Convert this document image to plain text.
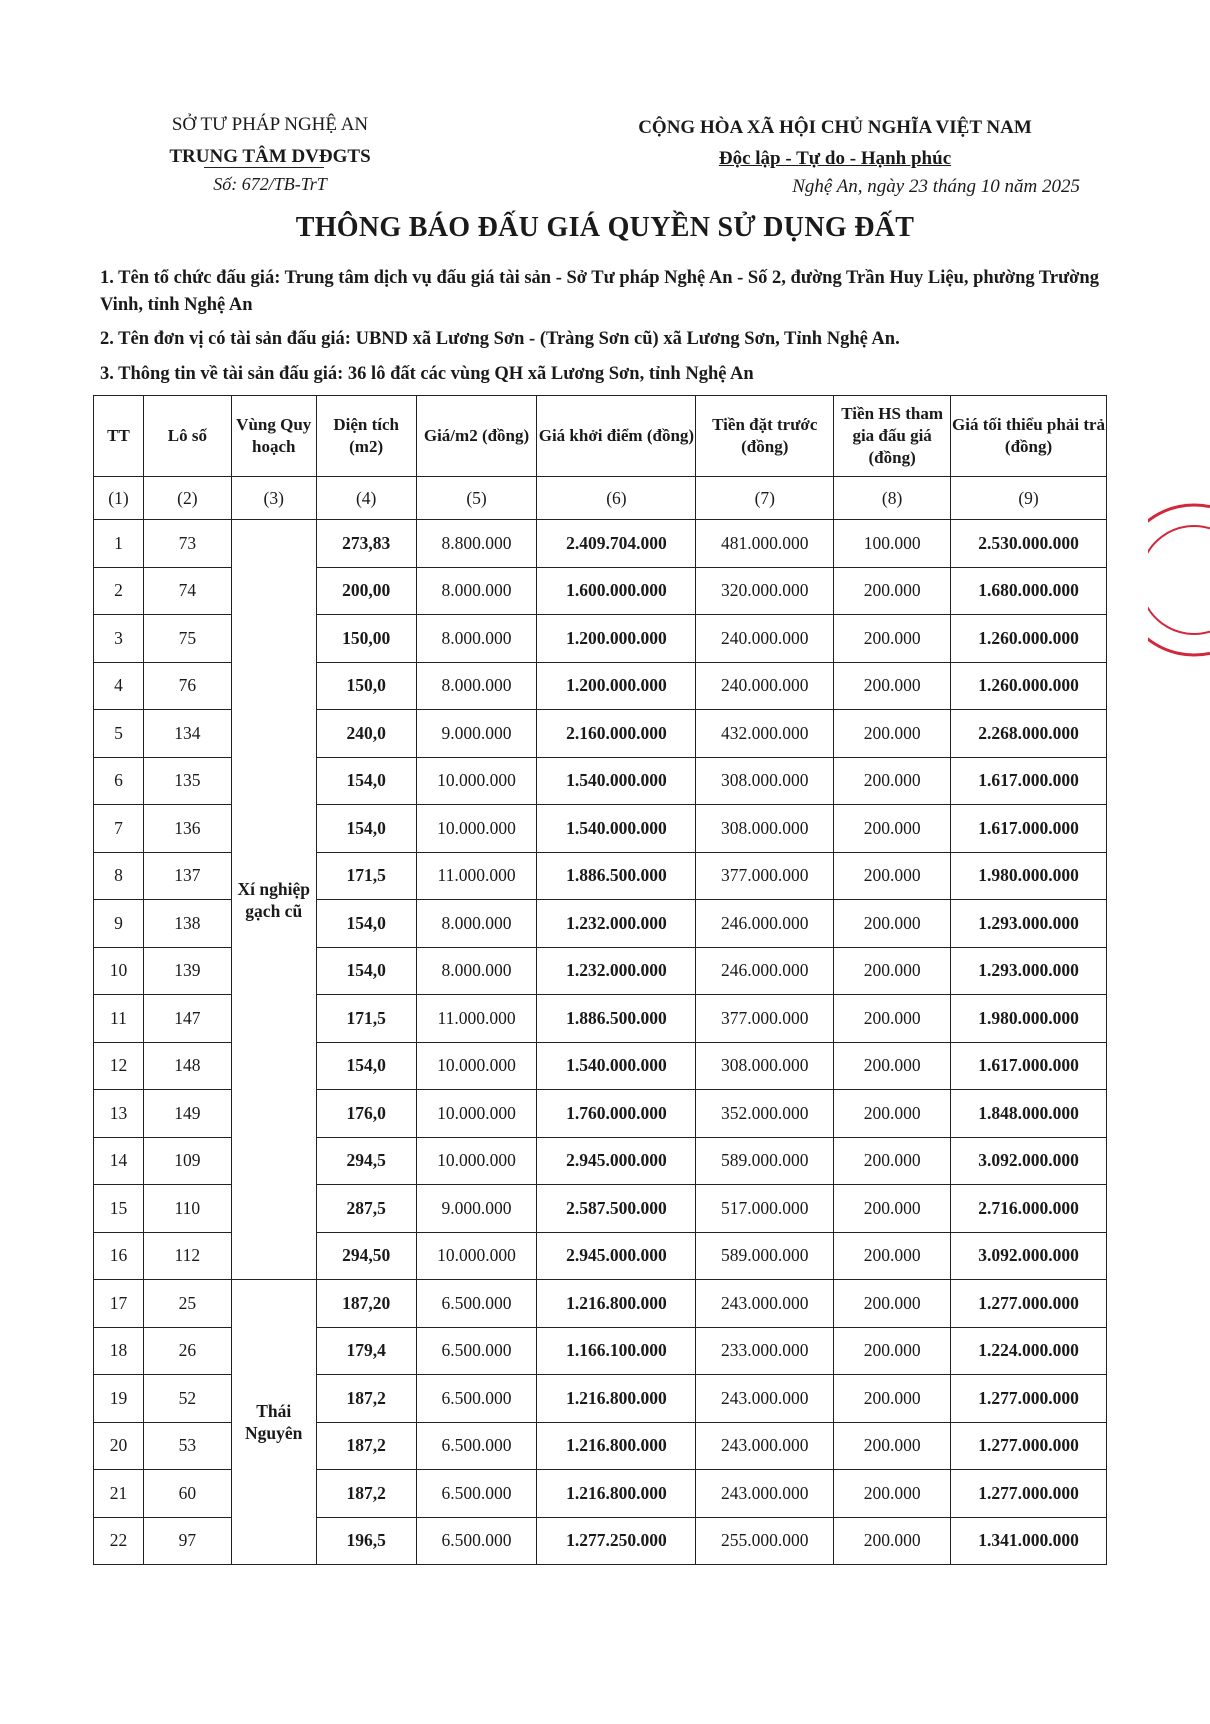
SỞ TƯ PHÁP NGHỆ AN
TRUNG TÂM DVĐGTS
Số: 672/TB-TrT
CỘNG HÒA XÃ HỘI CHỦ NGHĨA VIỆT NAM
Độc lập - Tự do - Hạnh phúc
Nghệ An, ngày 23 tháng 10 năm 2025
THÔNG BÁO ĐẤU GIÁ QUYỀN SỬ DỤNG ĐẤT
1. Tên tổ chức đấu giá: Trung tâm dịch vụ đấu giá tài sản - Sở Tư pháp Nghệ An - Số 2, đường Trần Huy Liệu, phường Trường Vinh, tỉnh Nghệ An
2. Tên đơn vị có tài sản đấu giá: UBND xã Lương Sơn - (Tràng Sơn cũ) xã Lương Sơn, Tỉnh Nghệ An.
3. Thông tin về tài sản đấu giá: 36 lô đất các vùng QH xã Lương Sơn, tỉnh Nghệ An
TT	Lô số	Vùng Quy hoạch	Diện tích (m2)	Giá/m2 (đồng)	Giá khởi điểm (đồng)	Tiền đặt trước (đồng)	Tiền HS tham gia đấu giá (đồng)	Giá tối thiểu phải trả (đồng)
(1)	(2)	(3)	(4)	(5)	(6)	(7)	(8)	(9)
1	73	Xí nghiệp gạch cũ	273,83	8.800.000	2.409.704.000	481.000.000	100.000	2.530.000.000
2	74		200,00	8.000.000	1.600.000.000	320.000.000	200.000	1.680.000.000
3	75		150,00	8.000.000	1.200.000.000	240.000.000	200.000	1.260.000.000
4	76		150,0	8.000.000	1.200.000.000	240.000.000	200.000	1.260.000.000
5	134		240,0	9.000.000	2.160.000.000	432.000.000	200.000	2.268.000.000
6	135		154,0	10.000.000	1.540.000.000	308.000.000	200.000	1.617.000.000
7	136		154,0	10.000.000	1.540.000.000	308.000.000	200.000	1.617.000.000
8	137		171,5	11.000.000	1.886.500.000	377.000.000	200.000	1.980.000.000
9	138		154,0	8.000.000	1.232.000.000	246.000.000	200.000	1.293.000.000
10	139		154,0	8.000.000	1.232.000.000	246.000.000	200.000	1.293.000.000
11	147		171,5	11.000.000	1.886.500.000	377.000.000	200.000	1.980.000.000
12	148		154,0	10.000.000	1.540.000.000	308.000.000	200.000	1.617.000.000
13	149		176,0	10.000.000	1.760.000.000	352.000.000	200.000	1.848.000.000
14	109		294,5	10.000.000	2.945.000.000	589.000.000	200.000	3.092.000.000
15	110		287,5	9.000.000	2.587.500.000	517.000.000	200.000	2.716.000.000
16	112		294,50	10.000.000	2.945.000.000	589.000.000	200.000	3.092.000.000
17	25	Thái Nguyên	187,20	6.500.000	1.216.800.000	243.000.000	200.000	1.277.000.000
18	26		179,4	6.500.000	1.166.100.000	233.000.000	200.000	1.224.000.000
19	52		187,2	6.500.000	1.216.800.000	243.000.000	200.000	1.277.000.000
20	53		187,2	6.500.000	1.216.800.000	243.000.000	200.000	1.277.000.000
21	60		187,2	6.500.000	1.216.800.000	243.000.000	200.000	1.277.000.000
22	97		196,5	6.500.000	1.277.250.000	255.000.000	200.000	1.341.000.000
